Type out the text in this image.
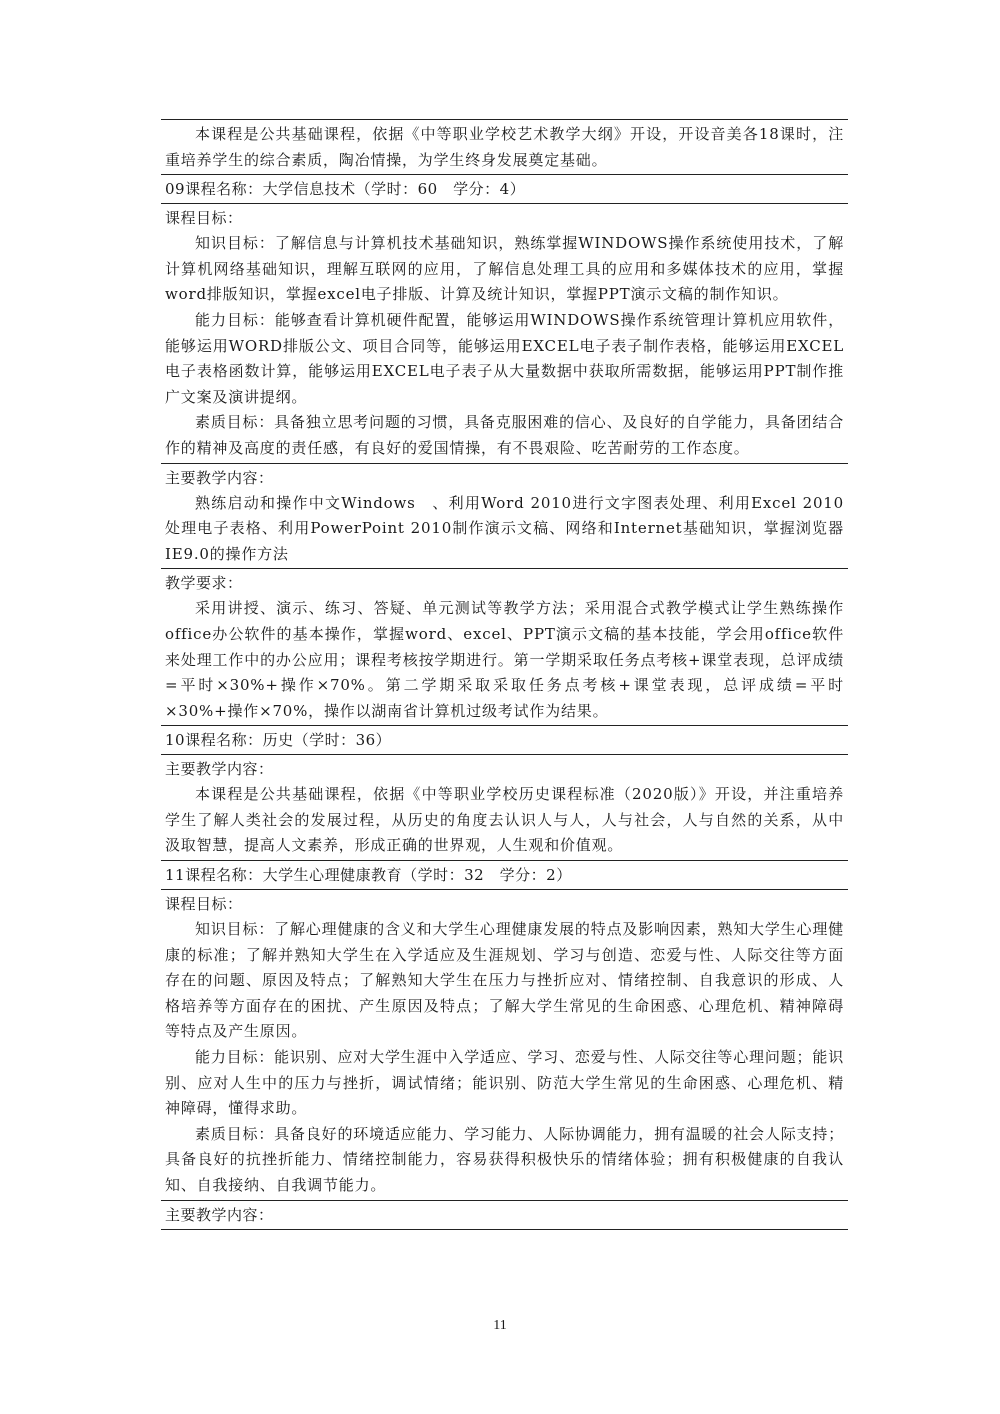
本课程是公共基础课程，依据《中等职业学校艺术教学大纲》开设，开设音美各18课时，注重培养学生的综合素质，陶冶情操，为学生终身发展奠定基础。

09课程名称：大学信息技术（学时：60　学分：4）
课程目标：

知识目标：了解信息与计算机技术基础知识，熟练掌握WINDOWS操作系统使用技术，了解计算机网络基础知识，理解互联网的应用，了解信息处理工具的应用和多媒体技术的应用，掌握word排版知识，掌握excel电子排版、计算及统计知识，掌握PPT演示文稿的制作知识。

能力目标：能够查看计算机硬件配置，能够运用WINDOWS操作系统管理计算机应用软件，能够运用WORD排版公文、项目合同等，能够运用EXCEL电子表子制作表格，能够运用EXCEL电子表格函数计算，能够运用EXCEL电子表子从大量数据中获取所需数据，能够运用PPT制作推广文案及演讲提纲。

素质目标：具备独立思考问题的习惯，具备克服困难的信心、及良好的自学能力，具备团结合作的精神及高度的责任感，有良好的爱国情操，有不畏艰险、吃苦耐劳的工作态度。

主要教学内容：

熟练启动和操作中文Windows　、利用Word 2010进行文字图表处理、利用Excel 2010处理电子表格、利用PowerPoint 2010制作演示文稿、网络和Internet基础知识，掌握浏览器IE9.0的操作方法

教学要求：

采用讲授、演示、练习、答疑、单元测试等教学方法；采用混合式教学模式让学生熟练操作office办公软件的基本操作，掌握word、excel、PPT演示文稿的基本技能，学会用office软件来处理工作中的办公应用；课程考核按学期进行。第一学期采取任务点考核+课堂表现，总评成绩=平时×30%+操作×70%。第二学期采取采取任务点考核+课堂表现，总评成绩=平时×30%+操作×70%，操作以湖南省计算机过级考试作为结果。

10课程名称：历史（学时：36）
主要教学内容：

本课程是公共基础课程，依据《中等职业学校历史课程标准（2020版）》开设，并注重培养学生了解人类社会的发展过程，从历史的角度去认识人与人，人与社会，人与自然的关系，从中汲取智慧，提高人文素养，形成正确的世界观，人生观和价值观。

11课程名称：大学生心理健康教育（学时：32　学分：2）
课程目标：

知识目标：了解心理健康的含义和大学生心理健康发展的特点及影响因素，熟知大学生心理健康的标准；了解并熟知大学生在入学适应及生涯规划、学习与创造、恋爱与性、人际交往等方面存在的问题、原因及特点；了解熟知大学生在压力与挫折应对、情绪控制、自我意识的形成、人格培养等方面存在的困扰、产生原因及特点；了解大学生常见的生命困惑、心理危机、精神障碍等特点及产生原因。

能力目标：能识别、应对大学生涯中入学适应、学习、恋爱与性、人际交往等心理问题；能识别、应对人生中的压力与挫折，调试情绪；能识别、防范大学生常见的生命困惑、心理危机、精神障碍，懂得求助。

素质目标：具备良好的环境适应能力、学习能力、人际协调能力，拥有温暖的社会人际支持；具备良好的抗挫折能力、情绪控制能力，容易获得积极快乐的情绪体验；拥有积极健康的自我认知、自我接纳、自我调节能力。

主要教学内容：
11
